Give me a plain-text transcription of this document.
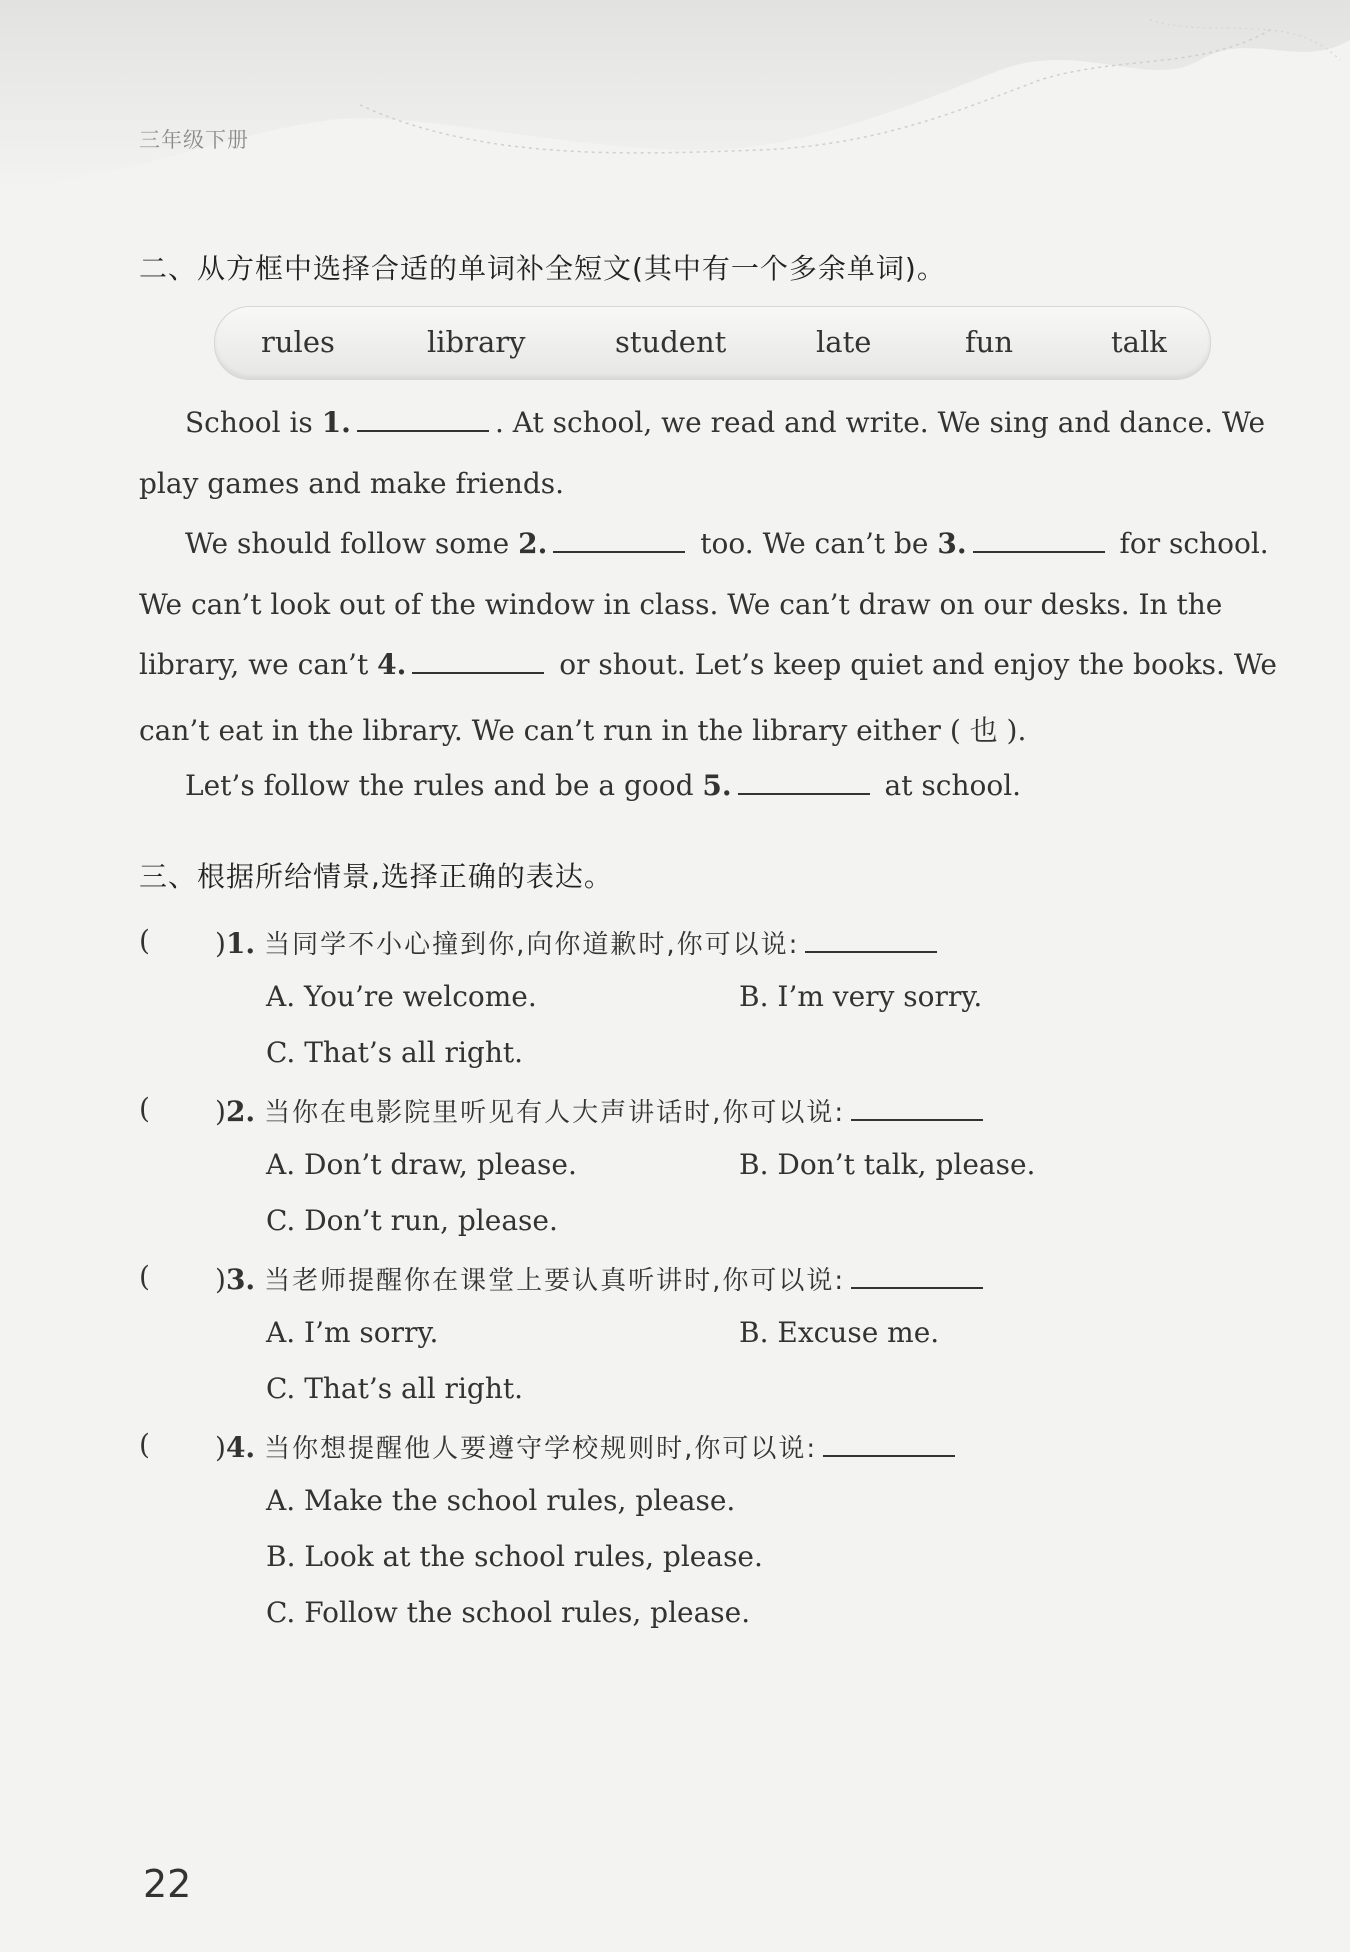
三年级下册
二、从方框中选择合适的单词补全短文(其中有一个多余单词)。
rules	library	student	late	fun	talk
School is 1.	. At school, we read and write. We sing and dance. We
play games and make friends.
We should follow some 2.	too. We can’t be 3.	for school.
We can’t look out of the window in class. We can’t draw on our desks. In the
library, we can’t 4.	or shout. Let’s keep quiet and enjoy the books. We
can’t eat in the library. We can’t run in the library either ( 也 ).
Let’s follow the rules and be a good 5.	at school.
三、根据所给情景,选择正确的表达。
( )1. 当同学不小心撞到你,向你道歉时,你可以说:
A. You’re welcome.	B. I’m very sorry.
C. That’s all right.
( )2. 当你在电影院里听见有人大声讲话时,你可以说:
A. Don’t draw, please.	B. Don’t talk, please.
C. Don’t run, please.
( )3. 当老师提醒你在课堂上要认真听讲时,你可以说:
A. I’m sorry.	B. Excuse me.
C. That’s all right.
( )4. 当你想提醒他人要遵守学校规则时,你可以说:
A. Make the school rules, please.
B. Look at the school rules, please.
C. Follow the school rules, please.
22
